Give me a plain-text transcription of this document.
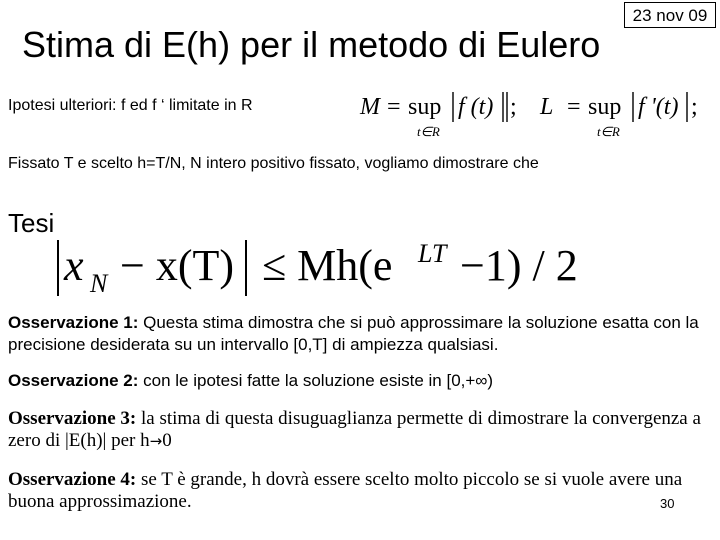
23 nov 09
Stima di E(h) per il metodo di Eulero
Ipotesi ulteriori: f ed f ‘ limitate in R	M = sup f (t) ; L = sup f '(t) ;
t∈R	t∈R
Fissato T e scelto h=T/N, N intero positivo fissato, vogliamo dimostrare che
Tesi
x N − x(T) ≤ Mh(e LT −1) / 2
Osservazione 1: Questa stima dimostra che si può approssimare la soluzione esatta con la precisione desiderata su un intervallo [0,T] di ampiezza qualsiasi.
Osservazione 2: con le ipotesi fatte la soluzione esiste in [0,+∞)
Osservazione 3: la stima di questa disuguaglianza permette di dimostrare la convergenza a zero di |E(h)| per h→0
Osservazione 4: se T è grande, h dovrà essere scelto molto piccolo se si vuole avere una buona approssimazione.	30
